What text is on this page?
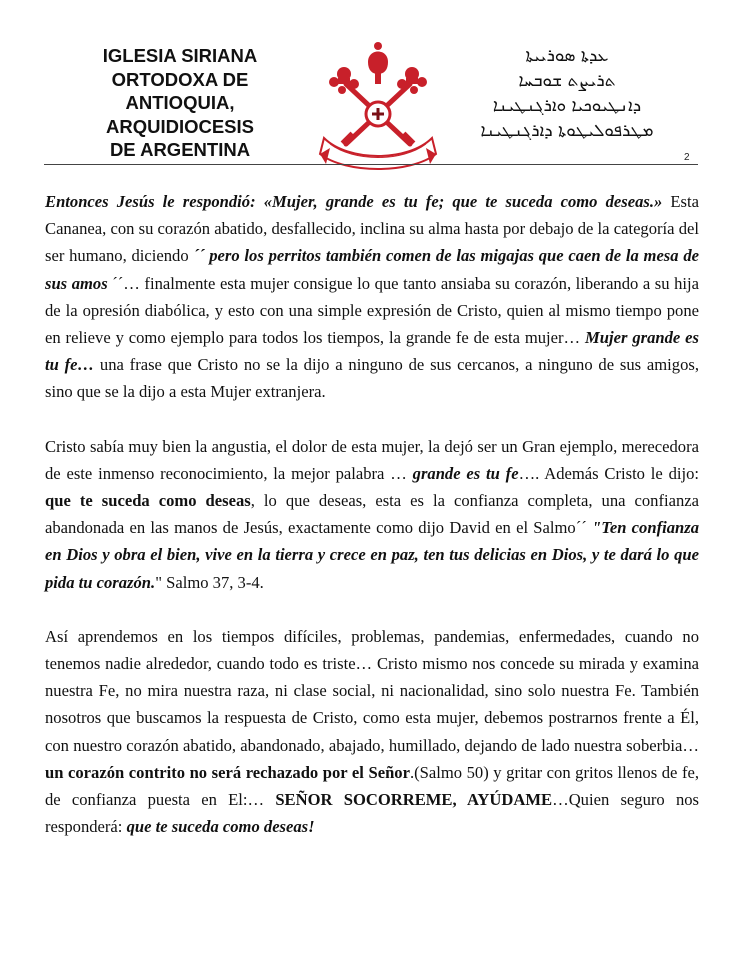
IGLESIA SIRIANA
ORTODOXA DE
ANTIOQUIA,
ARQUIDIOCESIS
DE ARGENTINA
ܥܕܬܐ ܣܘܪܝܝܬܐ
ܬܪܝܨܬ ܫܘܒܚܐ
ܕܐܢܛܝܘܟܝܐ ܘܐܪܓܢܛܝܢܐ
ܡܛܪܦܘܠܝܛܘܬܐ ܕܐܪܓܢܛܝܢܐ
2

Entonces Jesús le respondió: «Mujer, grande es tu fe; que te suceda como deseas.» Esta Cananea, con su corazón abatido, desfallecido, inclina su alma hasta por debajo de la categoría del ser humano, diciendo ´´ pero los perritos también comen de las migajas que caen de la mesa de sus amos ´´… finalmente esta mujer consigue lo que tanto ansiaba su corazón, liberando a su hija de la opresión diabólica, y esto con una simple expresión de Cristo, quien al mismo tiempo pone en relieve y como ejemplo para todos los tiempos, la grande fe de esta mujer… Mujer grande es tu fe… una frase que Cristo no se la dijo a ninguno de sus cercanos, a ninguno de sus amigos, sino que se la dijo a esta Mujer extranjera.

Cristo sabía muy bien la angustia, el dolor de esta mujer, la dejó ser un Gran ejemplo, merecedora de este inmenso reconocimiento, la mejor palabra … grande es tu fe…. Además Cristo le dijo: que te suceda como deseas, lo que deseas, esta es la confianza completa, una confianza abandonada en las manos de Jesús, exactamente como dijo David en el Salmo´´ "Ten confianza en Dios y obra el bien, vive en la tierra y crece en paz, ten tus delicias en Dios, y te dará lo que pida tu corazón." Salmo 37, 3-4.

Así aprendemos en los tiempos difíciles, problemas, pandemias, enfermedades, cuando no tenemos nadie alrededor, cuando todo es triste… Cristo mismo nos concede su mirada y examina nuestra Fe, no mira nuestra raza, ni clase social, ni nacionalidad, sino solo nuestra Fe. También nosotros que buscamos la respuesta de Cristo, como esta mujer, debemos postrarnos frente a Él, con nuestro corazón abatido, abandonado, abajado, humillado, dejando de lado nuestra soberbia… un corazón contrito no será rechazado por el Señor.(Salmo 50) y gritar con gritos llenos de fe, de confianza puesta en El:… SEÑOR SOCORREME, AYÚDAME…Quien seguro nos responderá: que te suceda como deseas!
